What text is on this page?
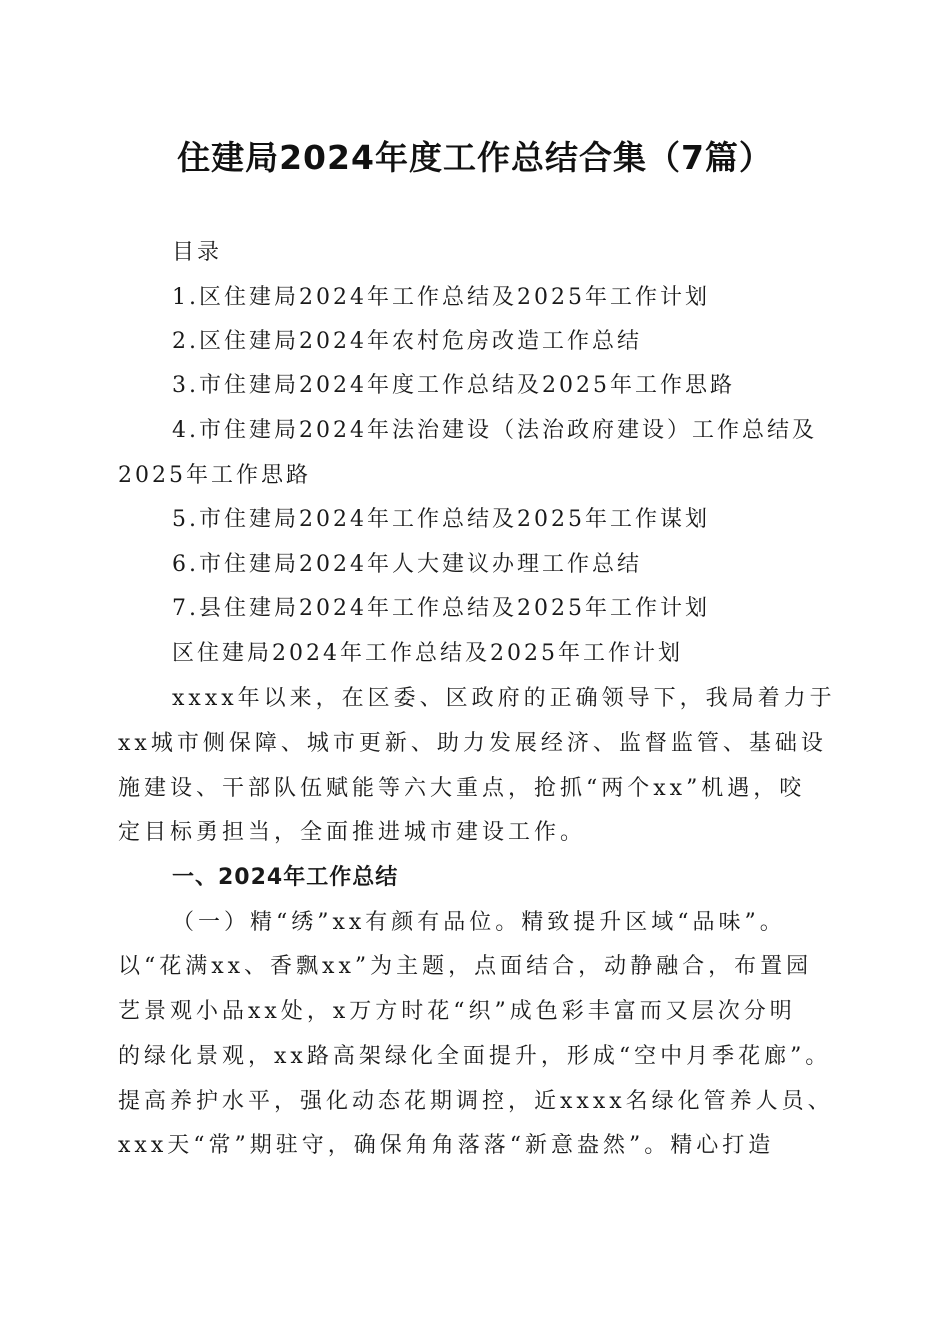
住建局2024年度工作总结合集（7篇）
目录
1.区住建局2024年工作总结及2025年工作计划
2.区住建局2024年农村危房改造工作总结
3.市住建局2024年度工作总结及2025年工作思路
4.市住建局2024年法治建设（法治政府建设）工作总结及
2025年工作思路
5.市住建局2024年工作总结及2025年工作谋划
6.市住建局2024年人大建议办理工作总结
7.县住建局2024年工作总结及2025年工作计划
区住建局2024年工作总结及2025年工作计划
xxxx年以来，在区委、区政府的正确领导下，我局着力于
xx城市侧保障、城市更新、助力发展经济、监督监管、基础设
施建设、干部队伍赋能等六大重点，抢抓“两个xx”机遇，咬
定目标勇担当，全面推进城市建设工作。
一、2024年工作总结
（一）精“绣”xx有颜有品位。精致提升区域“品味”。
以“花满xx、香飘xx”为主题，点面结合，动静融合，布置园
艺景观小品xx处，x万方时花“织”成色彩丰富而又层次分明
的绿化景观，xx路高架绿化全面提升，形成“空中月季花廊”。
提高养护水平，强化动态花期调控，近xxxx名绿化管养人员、
xxx天“常”期驻守，确保角角落落“新意盎然”。精心打造
